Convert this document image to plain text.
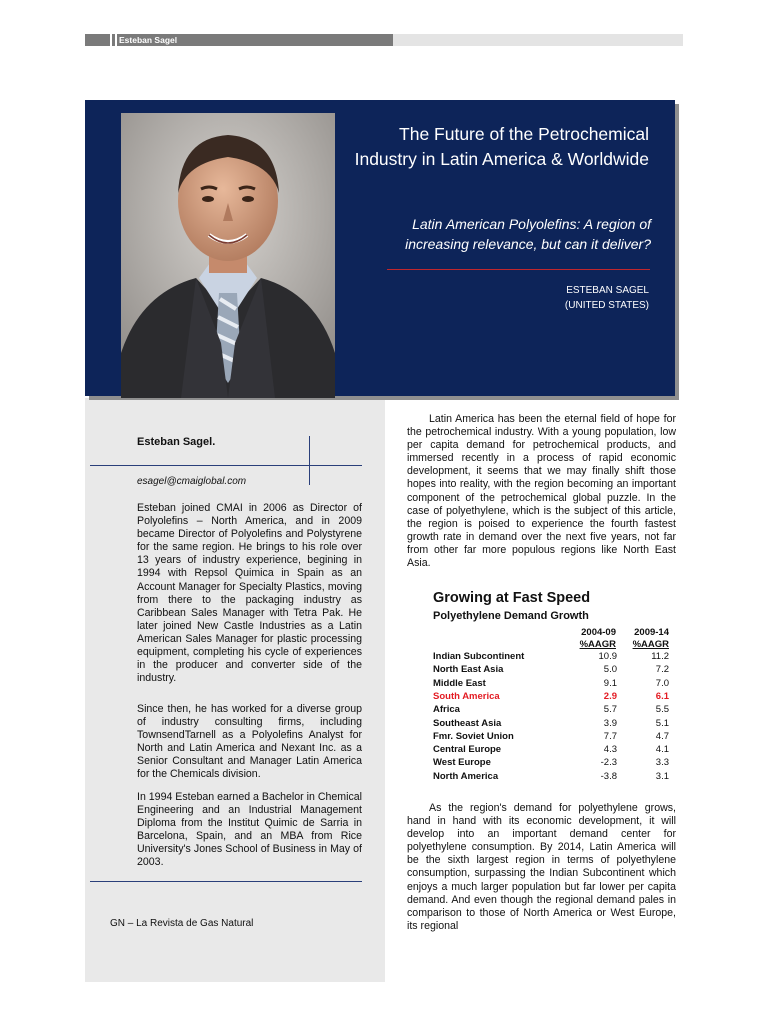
Esteban Sagel
The Future of the Petrochemical Industry in Latin America & Worldwide
Latin American Polyolefins: A region of increasing relevance, but can it deliver?
ESTEBAN SAGEL
(UNITED STATES)
Esteban Sagel.
esagel@cmaiglobal.com

Esteban joined CMAI in 2006 as Director of Polyolefins – North America, and in 2009 became Director of Polyolefins and Polystyrene for the same region. He brings to his role over 13 years of industry experience, begining in 1994 with Repsol Quimica in Spain as an Account Manager for Specialty Plastics, moving from there to the packaging industry as Caribbean Sales Manager with Tetra Pak. He later joined New Castle Industries as a Latin American Sales Manager for plastic processing equipment, completing his cycle of experiences in the producer and converter side of the industry.

Since then, he has worked for a diverse group of industry consulting firms, including TownsendTarnell as a Polyolefins Analyst for North and Latin America and Nexant Inc. as a Senior Consultant and Manager Latin America for the Chemicals division.

In 1994 Esteban earned a Bachelor in Chemical Engineering and an Industrial Management Diploma from the Institut Quimic de Sarria in Barcelona, Spain, and an MBA from Rice University's Jones School of Business in May of 2003.

GN – La Revista de Gas Natural

Latin America has been the eternal field of hope for the petrochemical industry. With a young population, low per capita demand for petrochemical products, and immersed recently in a process of rapid economic development, it seems that we may finally shift those hopes into reality, with the region becoming an important component of the petrochemical global puzzle. In the case of polyethylene, which is the subject of this article, the region is poised to experience the fourth fastest growth rate in demand over the next five years, not far from other far more populous regions like North East Asia.

Growing at Fast Speed
Polyethylene Demand Growth
2004-09
%AAGR
2009-14
%AAGR
Indian Subcontinent	10.9	11.2
North East Asia	5.0	7.2
Middle East	9.1	7.0
South America	2.9	6.1
Africa	5.7	5.5
Southeast Asia	3.9	5.1
Fmr. Soviet Union	7.7	4.7
Central Europe	4.3	4.1
West Europe	-2.3	3.3
North America	-3.8	3.1

As the region's demand for polyethylene grows, hand in hand with its economic development, it will develop into an important demand center for polyethylene consumption. By 2014, Latin America will be the sixth largest region in terms of polyethylene consumption, surpassing the Indian Subcontinent which enjoys a much larger population but far lower per capita demand. And even though the regional demand pales in comparison to those of North America or West Europe, its regional
